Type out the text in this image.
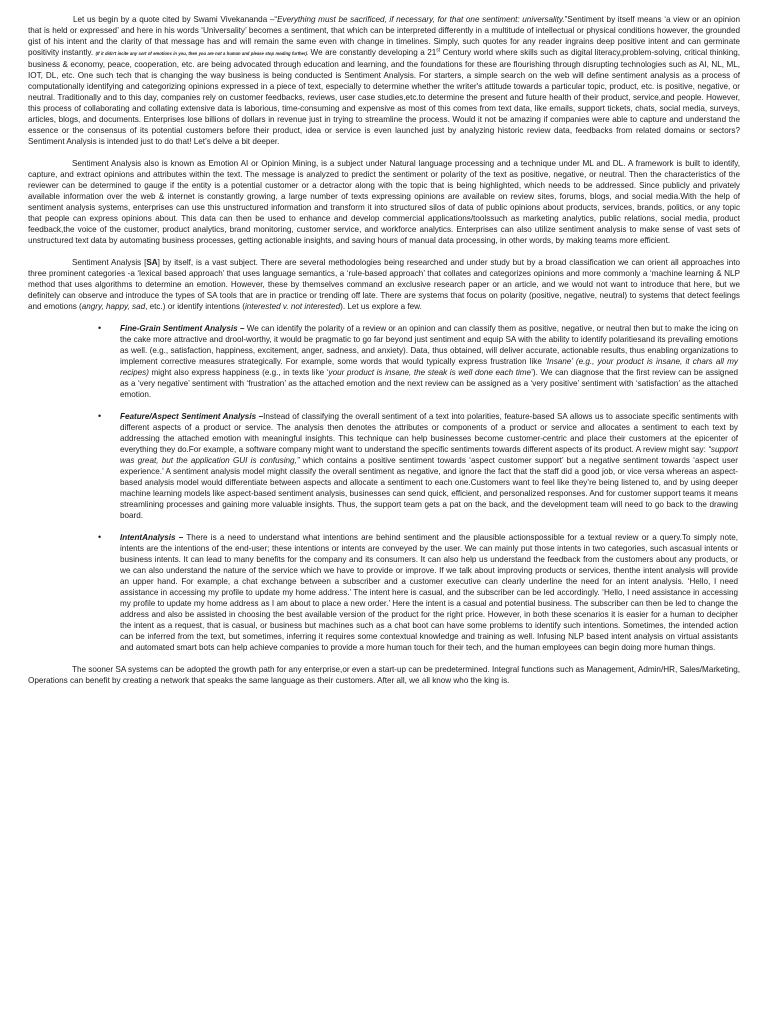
Let us begin by a quote cited by Swami Vivekananda –“Everything must be sacrificed, if necessary, for that one sentiment: universality.”Sentiment by itself means ‘a view or an opinion that is held or expressed’ and here in his words ‘Universality’ becomes a sentiment, that which can be interpreted differently in a multitude of intellectual or physical conditions however, the grounded gist of his intent and the clarity of that message has and will remain the same even with change in timelines. Simply, such quotes for any reader ingrains deep positive intent and can germinate positivity instantly. (If it didn't incite any sort of emotions in you, then you are not a human and please stop reading further). We are constantly developing a 21st Century world where skills such as digital literacy,problem-solving, critical thinking, business & economy, peace, cooperation, etc. are being advocated through education and learning, and the foundations for these are flourishing through disrupting technologies such as AI, NL, ML, IOT, DL, etc. One such tech that is changing the way business is being conducted is Sentiment Analysis. For starters, a simple search on the web will define sentiment analysis as a process of computationally identifying and categorizing opinions expressed in a piece of text, especially to determine whether the writer's attitude towards a particular topic, product, etc. is positive, negative, or neutral. Traditionally and to this day, companies rely on customer feedbacks, reviews, user case studies,etc.to determine the present and future health of their product, service,and people. However, this process of collaborating and collating extensive data is laborious, time-consuming and expensive as most of this comes from text data, like emails, support tickets, chats, social media, surveys, articles, blogs, and documents. Enterprises lose billions of dollars in revenue just in trying to streamline the process. Would it not be amazing if companies were able to capture and understand the essence or the consensus of its potential customers before their product, idea or service is even launched just by analyzing historic review data, feedbacks from related domains or sectors? Sentiment Analysis is intended just to do that! Let’s delve a bit deeper.

Sentiment Analysis also is known as Emotion AI or Opinion Mining, is a subject under Natural language processing and a technique under ML and DL. A framework is built to identify, capture, and extract opinions and attributes within the text. The message is analyzed to predict the sentiment or polarity of the text as positive, negative, or neutral. Then the characteristics of the reviewer can be determined to gauge if the entity is a potential customer or a detractor along with the topic that is being highlighted, which needs to be addressed. Since publicly and privately available information over the web & internet is constantly growing, a large number of texts expressing opinions are available on review sites, forums, blogs, and social media.With the help of sentiment analysis systems, enterprises can use this unstructured information and transform it into structured silos of data of public opinions about products, services, brands, politics, or any topic that people can express opinions about. This data can then be used to enhance and develop commercial applications/toolssuch as marketing analytics, public relations, social media, product feedback,the voice of the customer, product analytics, brand monitoring, customer service, and workforce analytics. Enterprises can also utilize sentiment analysis to make sense of vast sets of unstructured text data by automating business processes, getting actionable insights, and saving hours of manual data processing, in other words, by making teams more efficient.

Sentiment Analysis [SA] by itself, is a vast subject. There are several methodologies being researched and under study but by a broad classification we can orient all approaches into three prominent categories -a ‘lexical based approach’ that uses language semantics, a ‘rule-based approach’ that collates and categorizes opinions and more commonly a ‘machine learning & NLP method that uses algorithms to determine an emotion. However, these by themselves command an exclusive research paper or an article, and we would not want to introduce that here, but we definitely can observe and introduce the types of SA tools that are in practice or trending off late. There are systems that focus on polarity (positive, negative, neutral) to systems that detect feelings and emotions (angry, happy, sad, etc.) or identify intentions (interested v. not interested). Let us explore a few.

• Fine-Grain Sentiment Analysis – We can identify the polarity of a review or an opinion and can classify them as positive, negative, or neutral then but to make the icing on the cake more attractive and drool-worthy, it would be pragmatic to go far beyond just sentiment and equip SA with the ability to identify polaritiesand its prevailing emotions as well. (e.g., satisfaction, happiness, excitement, anger, sadness, and anxiety). Data, thus obtained, will deliver accurate, actionable results, thus enabling organizations to implement corrective measures strategically. For example, some words that would typically express frustration like ‘Insane’ (e.g., your product is insane, it chars all my recipes) might also express happiness (e.g., in texts like ‘your product is insane, the steak is well done each time’). We can diagnose that the first review can be assigned as a ‘very negative’ sentiment with ‘frustration’ as the attached emotion and the next review can be assigned as a ‘very positive’ sentiment with ‘satisfaction’ as the attached emotion.
• Feature/Aspect Sentiment Analysis –Instead of classifying the overall sentiment of a text into polarities, feature-based SA allows us to associate specific sentiments with different aspects of a product or service. The analysis then denotes the attributes or components of a product or service and allocates a sentiment to each text by addressing the attached emotion with meaningful insights. This technique can help businesses become customer-centric and place their customers at the epicenter of everything they do.For example, a software company might want to understand the specific sentiments towards different aspects of its product. A review might say: “support was great, but the application GUI is confusing,” which contains a positive sentiment towards ‘aspect customer support’ but a negative sentiment towards ‘aspect user experience.’ A sentiment analysis model might classify the overall sentiment as negative, and ignore the fact that the staff did a good job, or vice versa whereas an aspect-based analysis model would differentiate between aspects and allocate a sentiment to each one.Customers want to feel like they’re being listened to, and by using deeper machine learning models like aspect-based sentiment analysis, businesses can send quick, efficient, and personalized responses. And for customer support teams it means streamlining processes and gaining more valuable insights. Thus, the support team gets a pat on the back, and the development team will need to go back to the drawing board.
• IntentAnalysis – There is a need to understand what intentions are behind sentiment and the plausible actionspossible for a textual review or a query.To simply note, intents are the intentions of the end-user; these intentions or intents are conveyed by the user. We can mainly put those intents in two categories, such ascasual intents or business intents. It can lead to many benefits for the company and its consumers. It can also help us understand the feedback from the customers about any products, or we can also understand the nature of the service which we have to provide or improve. If we talk about improving products or services, thenthe intent analysis will provide an upper hand. For example, a chat exchange between a subscriber and a customer executive can clearly underline the need for an intent analysis. ‘Hello, I need assistance in accessing my profile to update my home address.’ The intent here is casual, and the subscriber can be led accordingly. ‘Hello, I need assistance in accessing my profile to update my home address as I am about to place a new order.’ Here the intent is a casual and potential business. The subscriber can then be led to change the address and also be assisted in choosing the best available version of the product for the right price. However, in both these scenarios it is easier for a human to decipher the intent as a request, that is casual, or business but machines such as a chat boot can have some problems to identify such intentions. Sometimes, the intended action can be inferred from the text, but sometimes, inferring it requires some contextual knowledge and training as well. Infusing NLP based intent analysis on virtual assistants and automated smart bots can help achieve companies to provide a more human touch for their tech, and the human employees can begin doing more human things.

The sooner SA systems can be adopted the growth path for any enterprise,or even a start-up can be predetermined. Integral functions such as Management, Admin/HR, Sales/Marketing, Operations can benefit by creating a network that speaks the same language as their customers. After all, we all know who the king is.
